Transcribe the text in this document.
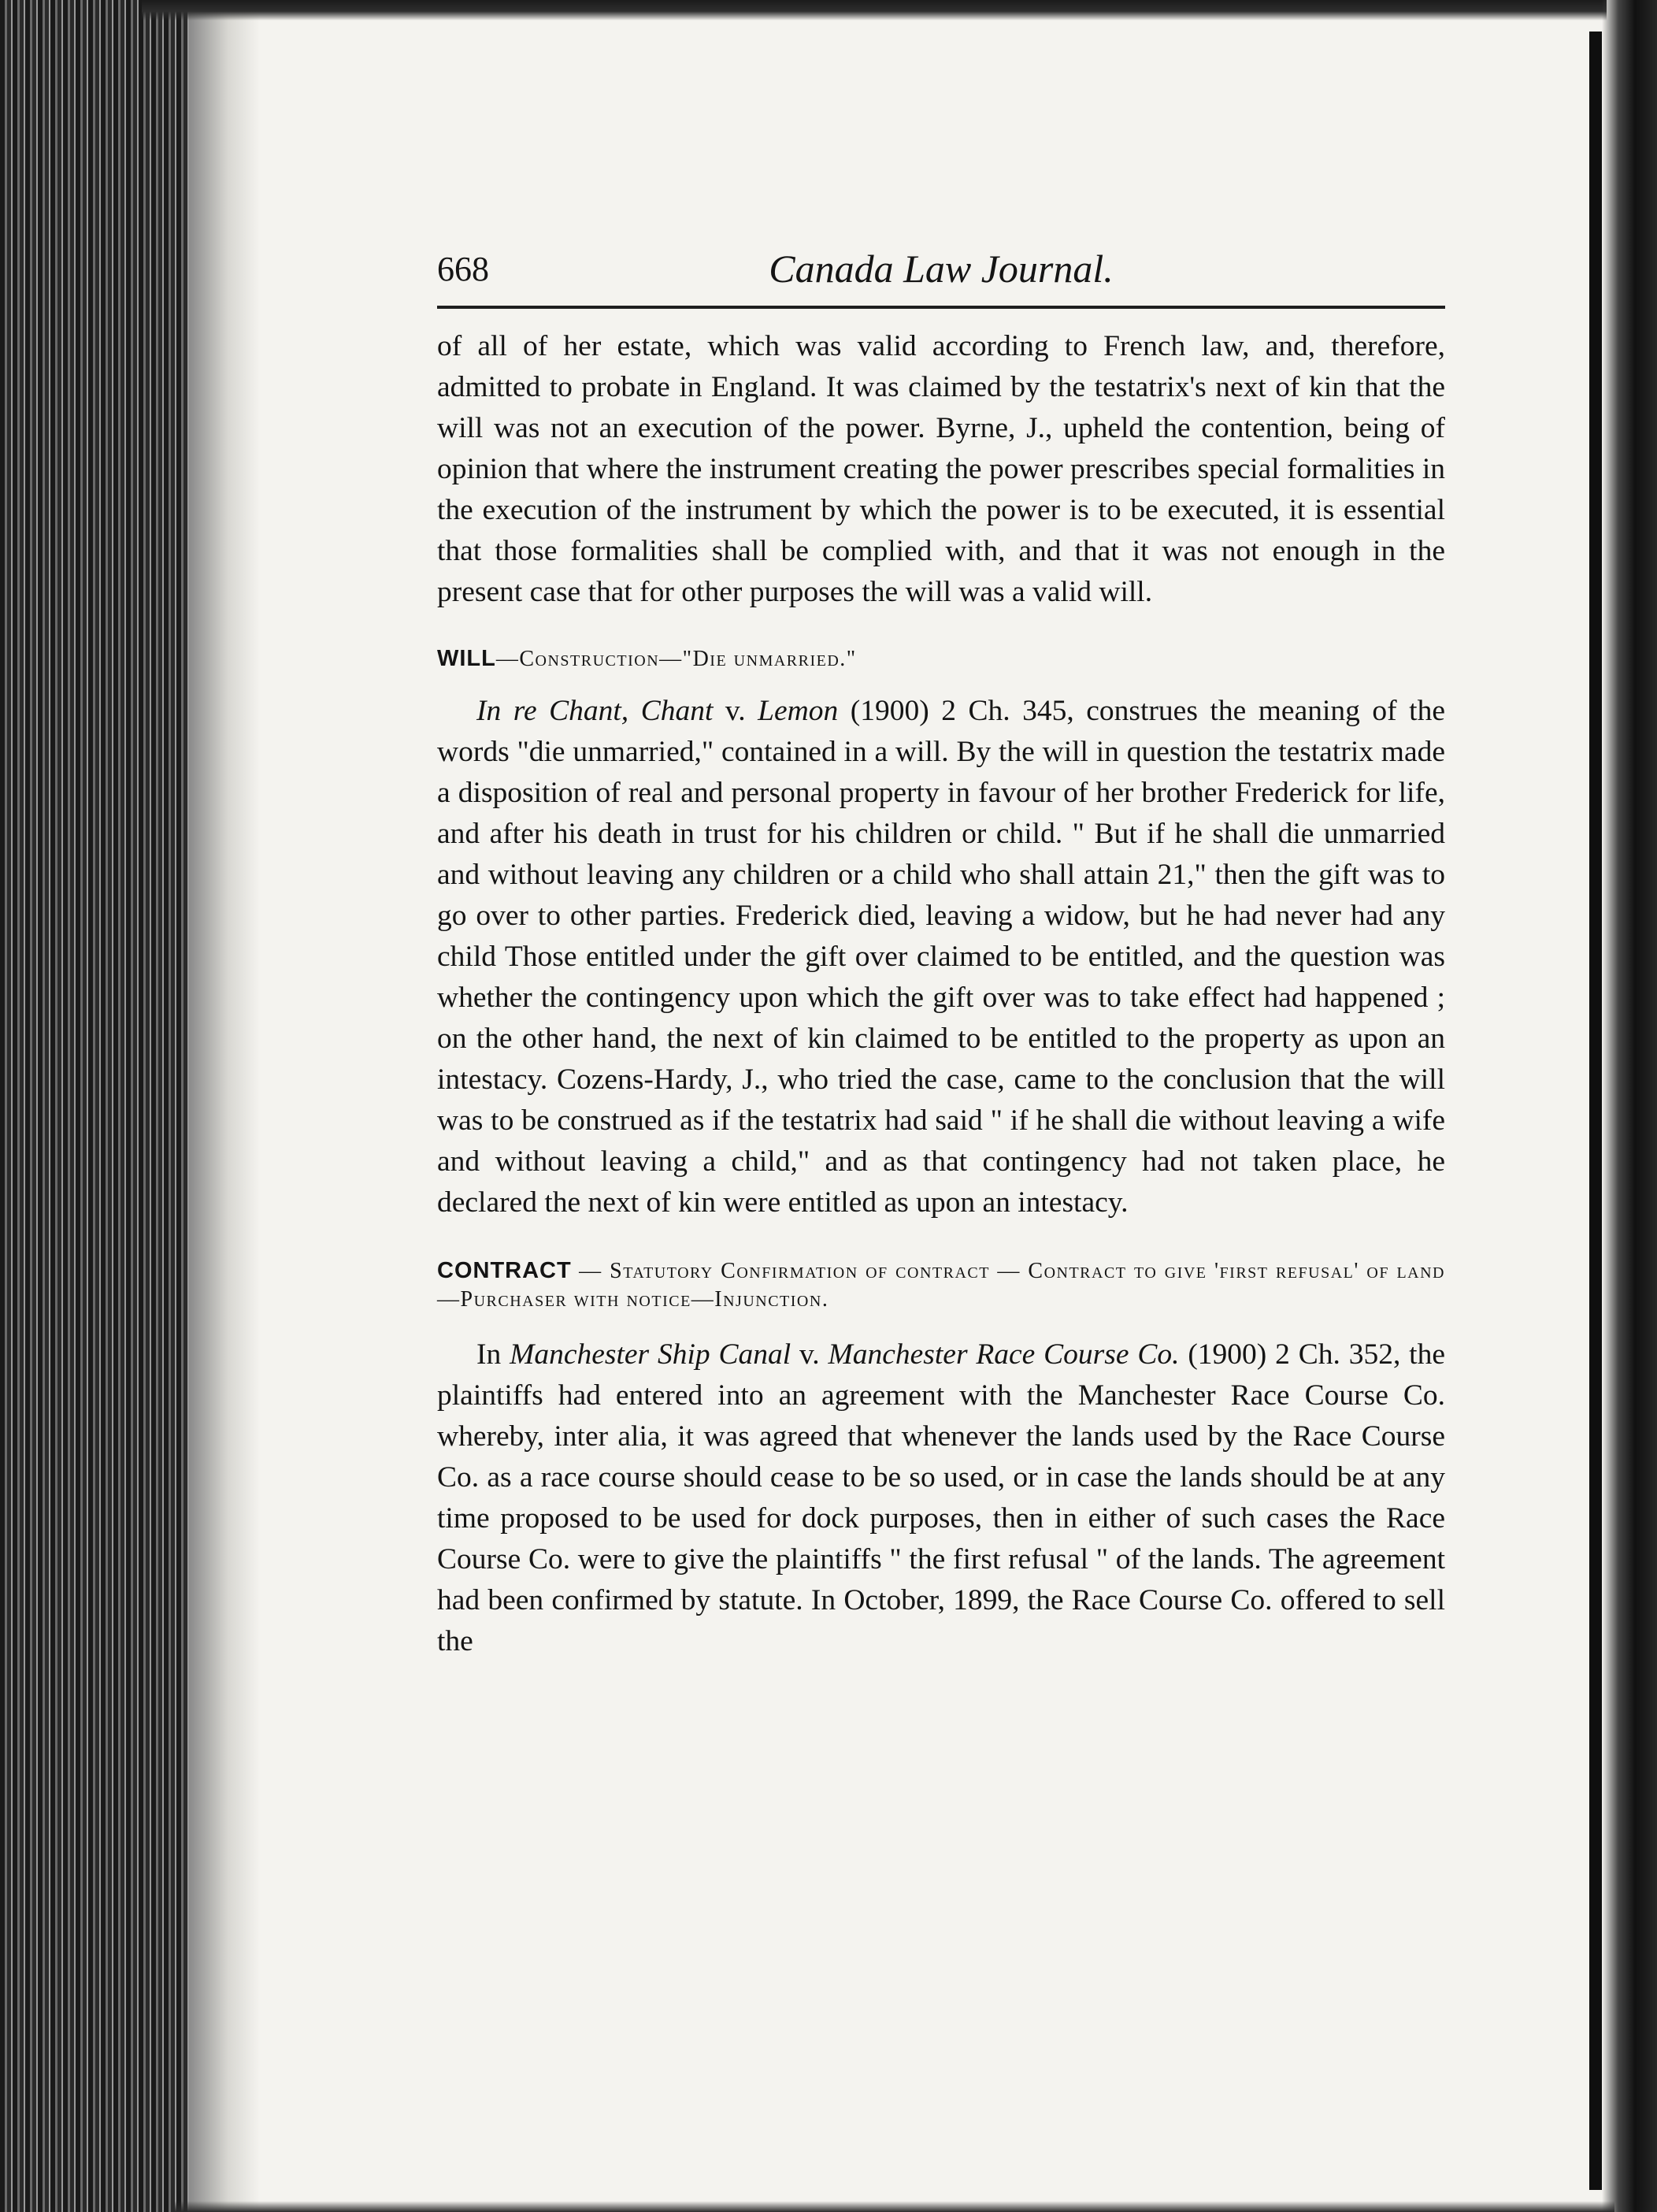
668	Canada Law Journal.

of all of her estate, which was valid according to French law, and, therefore, admitted to probate in England. It was claimed by the testatrix's next of kin that the will was not an execution of the power. Byrne, J., upheld the contention, being of opinion that where the instrument creating the power prescribes special formalities in the execution of the instrument by which the power is to be executed, it is essential that those formalities shall be complied with, and that it was not enough in the present case that for other purposes the will was a valid will.

WILL—Construction—"Die unmarried."

In re Chant, Chant v. Lemon (1900) 2 Ch. 345, construes the meaning of the words "die unmarried," contained in a will. By the will in question the testatrix made a disposition of real and personal property in favour of her brother Frederick for life, and after his death in trust for his children or child. " But if he shall die unmarried and without leaving any children or a child who shall attain 21," then the gift was to go over to other parties. Frederick died, leaving a widow, but he had never had any child Those entitled under the gift over claimed to be entitled, and the question was whether the contingency upon which the gift over was to take effect had happened ; on the other hand, the next of kin claimed to be entitled to the property as upon an intestacy. Cozens-Hardy, J., who tried the case, came to the conclusion that the will was to be construed as if the testatrix had said " if he shall die without leaving a wife and without leaving a child," and as that contingency had not taken place, he declared the next of kin were entitled as upon an intestacy.

CONTRACT — Statutory Confirmation of contract — Contract to give 'first refusal' of land—Purchaser with notice—Injunction.

In Manchester Ship Canal v. Manchester Race Course Co. (1900) 2 Ch. 352, the plaintiffs had entered into an agreement with the Manchester Race Course Co. whereby, inter alia, it was agreed that whenever the lands used by the Race Course Co. as a race course should cease to be so used, or in case the lands should be at any time proposed to be used for dock purposes, then in either of such cases the Race Course Co. were to give the plaintiffs " the first refusal " of the lands. The agreement had been confirmed by statute. In October, 1899, the Race Course Co. offered to sell the
